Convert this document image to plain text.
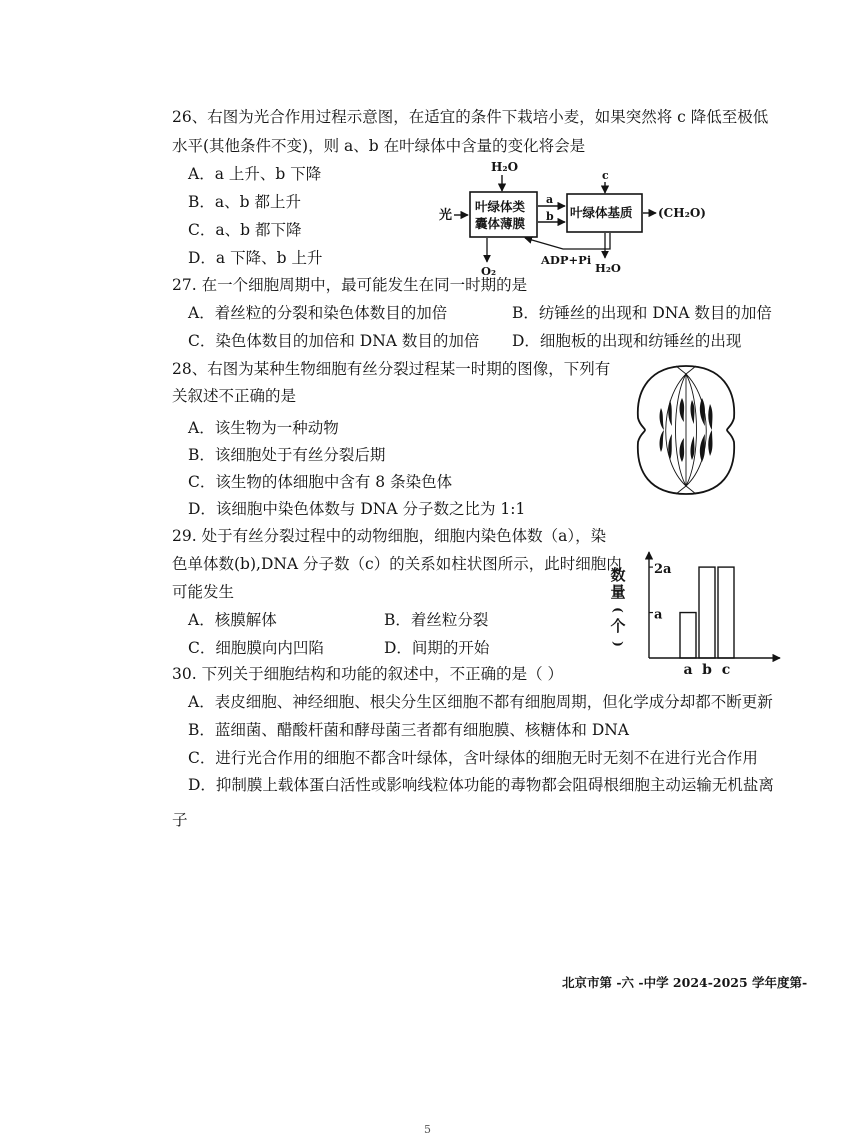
26、右图为光合作用过程示意图，在适宜的条件下栽培小麦，如果突然将 c 降低至极低
水平(其他条件不变)，则 a、b 在叶绿体中含量的变化将会是
A．a 上升、b 下降
B．a、b 都上升
C．a、b 都下降
D．a 下降、b 上升
H₂O
光
叶绿体类
囊体薄膜
a
b 叶绿体基质
c
(CH₂O)
ADP+Pi
O₂	H₂O
27. 在一个细胞周期中，最可能发生在同一时期的是
A．着丝粒的分裂和染色体数目的加倍	B．纺锤丝的出现和 DNA 数目的加倍
C．染色体数目的加倍和 DNA 数目的加倍 D．细胞板的出现和纺锤丝的出现
28、右图为某种生物细胞有丝分裂过程某一时期的图像，下列有
关叙述不正确的是
A．该生物为一种动物
B．该细胞处于有丝分裂后期
C．该生物的体细胞中含有 8 条染色体
D．该细胞中染色体数与 DNA 分子数之比为 1:1
29. 处于有丝分裂过程中的动物细胞，细胞内染色体数（a），染
色单体数(b),DNA 分子数（c）的关系如柱状图所示，此时细胞内
可能发生
A．核膜解体	B．着丝粒分裂
C．细胞膜向内凹陷	D．间期的开始
数
量
(
个
)
a
2a
a b c
30. 下列关于细胞结构和功能的叙述中，不正确的是（ ）
A．表皮细胞、神经细胞、根尖分生区细胞不都有细胞周期，但化学成分却都不断更新
B．蓝细菌、醋酸杆菌和酵母菌三者都有细胞膜、核糖体和 DNA
C．进行光合作用的细胞不都含叶绿体，含叶绿体的细胞无时无刻不在进行光合作用
D．抑制膜上载体蛋白活性或影响线粒体功能的毒物都会阻碍根细胞主动运输无机盐离
子
北京市第 -六 -中学 2024-2025 学年度第-
5
